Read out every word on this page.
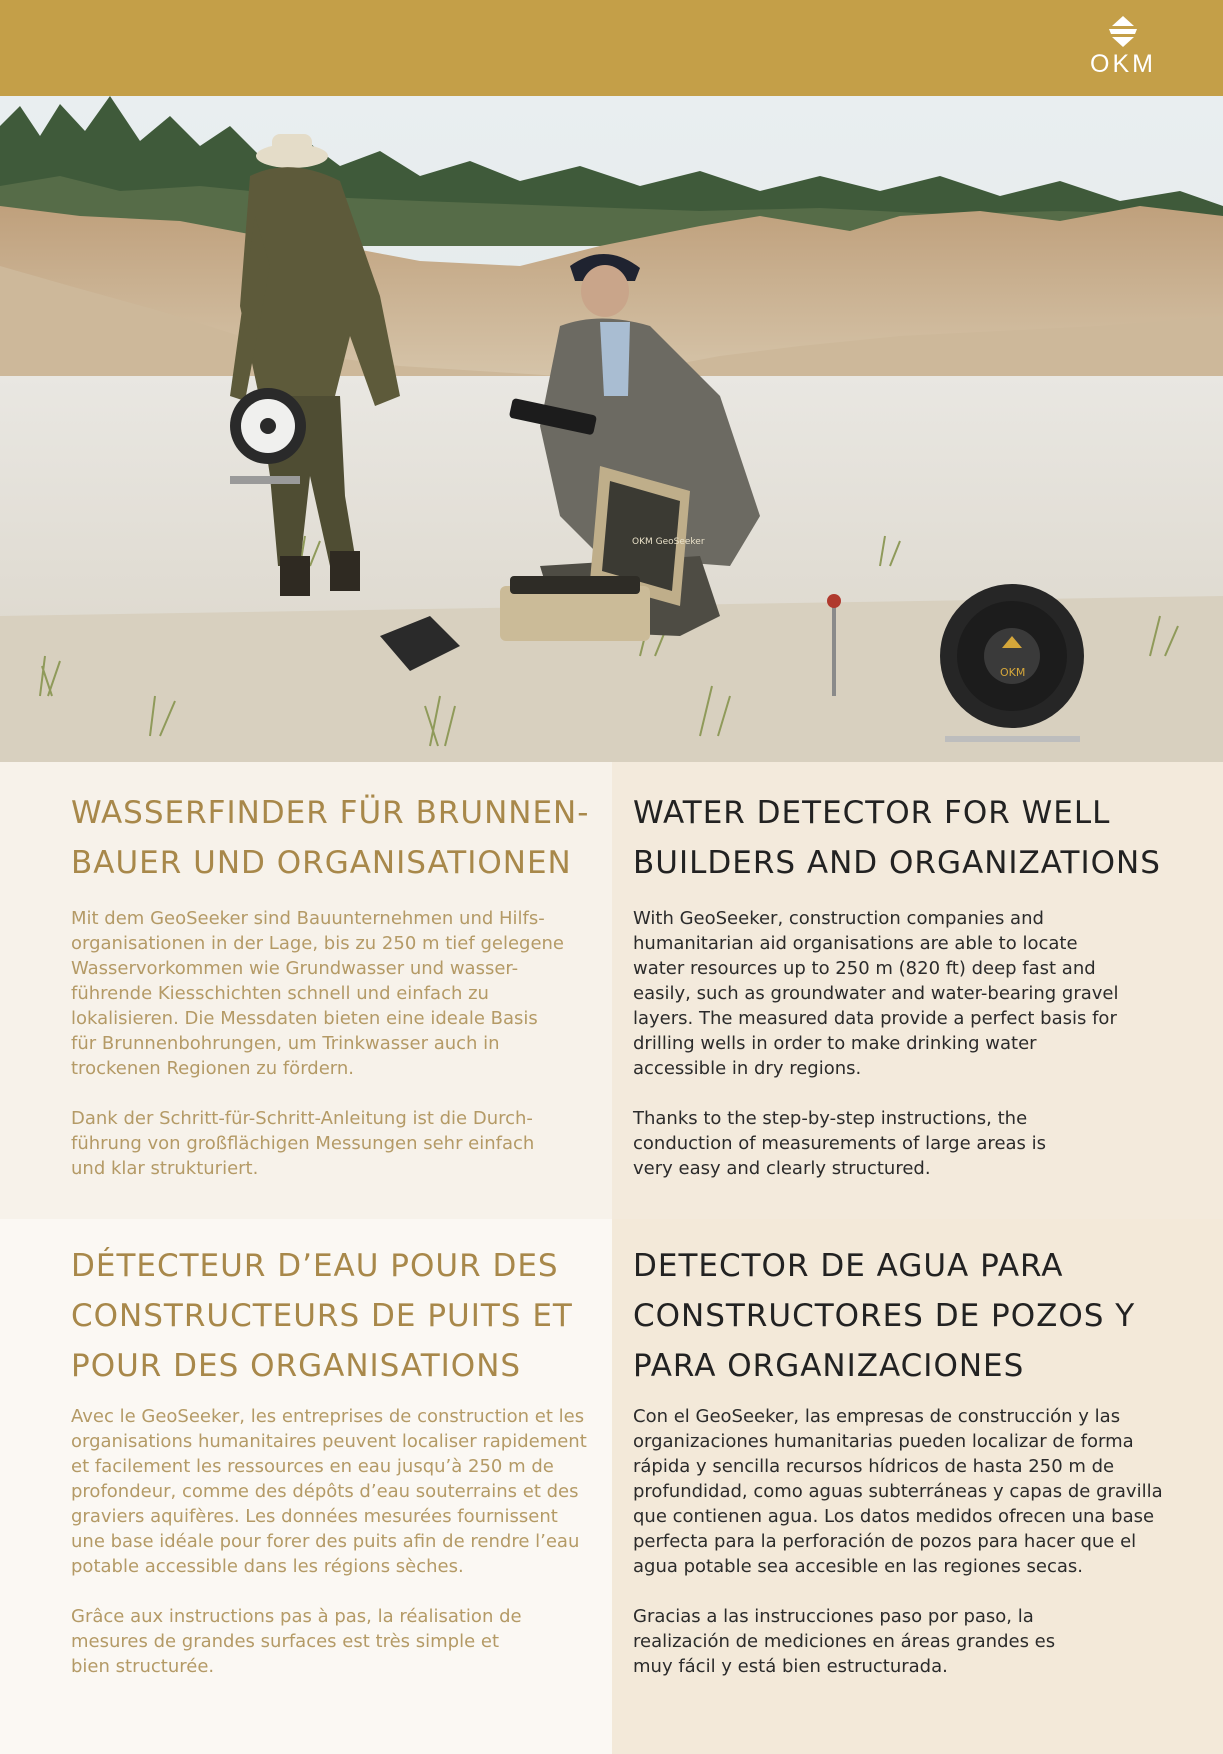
OKM
OKM GeoSeeker
OKM
WASSERFINDER FÜR BRUNNEN-
BAUER UND ORGANISATIONEN

Mit dem GeoSeeker sind Bauunternehmen und Hilfs-
organisationen in der Lage, bis zu 250 m tief gelegene
Wasservorkommen wie Grundwasser und wasser-
führende Kiesschichten schnell und einfach zu
lokalisieren. Die Messdaten bieten eine ideale Basis
für Brunnenbohrungen, um Trinkwasser auch in
trockenen Regionen zu fördern.

Dank der Schritt-für-Schritt-Anleitung ist die Durch-
führung von großflächigen Messungen sehr einfach
und klar strukturiert.

WATER DETECTOR FOR WELL
BUILDERS AND ORGANIZATIONS

With GeoSeeker, construction companies and
humanitarian aid organisations are able to locate
water resources up to 250 m (820 ft) deep fast and
easily, such as groundwater and water-bearing gravel
layers. The measured data provide a perfect basis for
drilling wells in order to make drinking water
accessible in dry regions.

Thanks to the step-by-step instructions, the
conduction of measurements of large areas is
very easy and clearly structured.

DÉTECTEUR D’EAU POUR DES
CONSTRUCTEURS DE PUITS ET
POUR DES ORGANISATIONS

Avec le GeoSeeker, les entreprises de construction et les
organisations humanitaires peuvent localiser rapidement
et facilement les ressources en eau jusqu’à 250 m de
profondeur, comme des dépôts d’eau souterrains et des
graviers aquifères. Les données mesurées fournissent
une base idéale pour forer des puits afin de rendre l’eau
potable accessible dans les régions sèches.

Grâce aux instructions pas à pas, la réalisation de
mesures de grandes surfaces est très simple et
bien structurée.

DETECTOR DE AGUA PARA
CONSTRUCTORES DE POZOS Y
PARA ORGANIZACIONES

Con el GeoSeeker, las empresas de construcción y las
organizaciones humanitarias pueden localizar de forma
rápida y sencilla recursos hídricos de hasta 250 m de
profundidad, como aguas subterráneas y capas de gravilla
que contienen agua. Los datos medidos ofrecen una base
perfecta para la perforación de pozos para hacer que el
agua potable sea accesible en las regiones secas.

Gracias a las instrucciones paso por paso, la
realización de mediciones en áreas grandes es
muy fácil y está bien estructurada.
